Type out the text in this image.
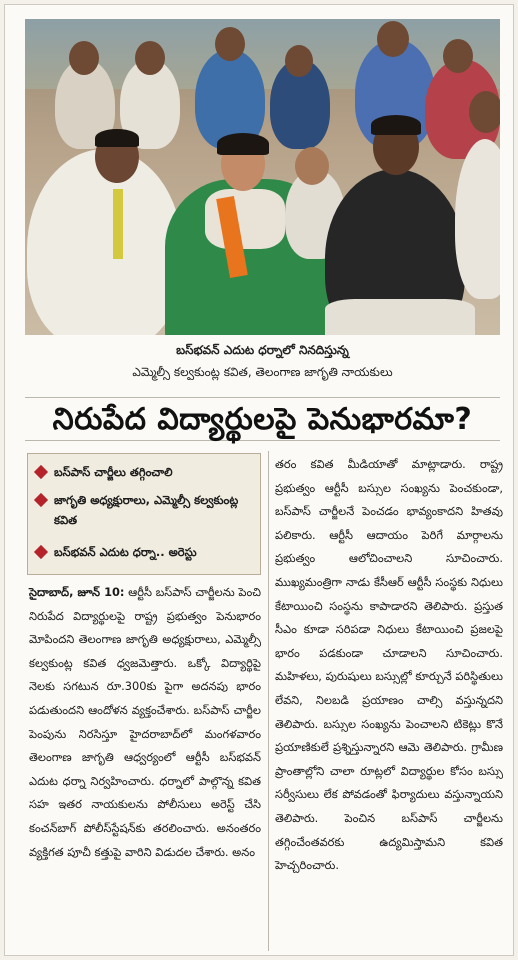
బస్‌భవన్‌ ఎదుట ధర్నాలో నినదిస్తున్న
ఎమ్మెల్సీ కల్వకుంట్ల కవిత, తెలంగాణ జాగృతి నాయకులు
నిరుపేద విద్యార్థులపై పెనుభారమా?
బస్‌పాస్‌ చార్జీలు తగ్గించాలి
జాగృతి అధ్యక్షురాలు, ఎమ్మెల్సీ కల్వకుంట్ల కవిత
బస్‌భవన్‌ ఎదుట ధర్నా.. అరెస్టు

సైదాబాద్‌, జూన్‌ 10: ఆర్టీసీ బస్‌పాస్‌ చార్జీలను పెంచి నిరుపేద విద్యార్థులపై రాష్ట్ర ప్రభుత్వం పెనుభారం మోపిందని తెలంగాణ జాగృతి అధ్యక్షురాలు, ఎమ్మెల్సీ కల్వకుంట్ల కవిత ధ్వజమెత్తారు. ఒక్కో విద్యార్థిపై నెలకు సగటున రూ.300కు పైగా అదనపు భారం పడుతుందని ఆందోళన వ్యక్తంచేశారు. బస్‌పాస్‌ చార్జీల పెంపును నిరసిస్తూ హైదరాబాద్‌లో మంగళవారం తెలంగాణ జాగృతి ఆధ్వర్యంలో ఆర్టీసీ బస్‌భవన్‌ ఎదుట ధర్నా నిర్వహించారు. ధర్నాలో పాల్గొన్న కవిత సహ ఇతర నాయకులను పోలీసులు అరెస్ట్‌ చేసి కంచన్‌బాగ్‌ పోలీస్‌స్టేషన్‌కు తరలించారు. అనంతరం వ్యక్తిగత పూచీ కత్తుపై వారిని విడుదల చేశారు. అనం

తరం కవిత మీడియాతో మాట్లాడారు. రాష్ట్ర ప్రభుత్వం ఆర్టీసీ బస్సుల సంఖ్యను పెంచకుండా, బస్‌పాస్‌ చార్జీలనే పెంచడం భావ్యంకాదని హితవు పలికారు. ఆర్టీసీ ఆదాయం పెరిగే మార్గాలను ప్రభుత్వం ఆలోచించాలని సూచించారు. ముఖ్యమంత్రిగా నాడు కేసీఆర్‌ ఆర్టీసీ సంస్థకు నిధులు కేటాయించి సంస్థను కాపాడారని తెలిపారు. ప్రస్తుత సీఎం కూడా సరిపడా నిధులు కేటాయించి ప్రజలపై భారం పడకుండా చూడాలని సూచించారు. మహిళలు, పురుషులు బస్సుల్లో కూర్చునే పరిస్థితులు లేవని, నిలబడి ప్రయాణం చాల్సి వస్తున్నదని తెలిపారు. బస్సుల సంఖ్యను పెంచాలని టికెట్లు కొనే ప్రయాణికులే ప్రశ్నిస్తున్నారని ఆమె తెలిపారు. గ్రామీణ ప్రాంతాల్లోని చాలా రూట్లలో విద్యార్థుల కోసం బస్సు సర్వీసులు లేక పోవడంతో ఫిర్యాదులు వస్తున్నాయని తెలిపారు. పెంచిన బస్‌పాస్‌ చార్జీలను తగ్గించేంతవరకు ఉద్యమిస్తామని కవిత హెచ్చరించారు.
